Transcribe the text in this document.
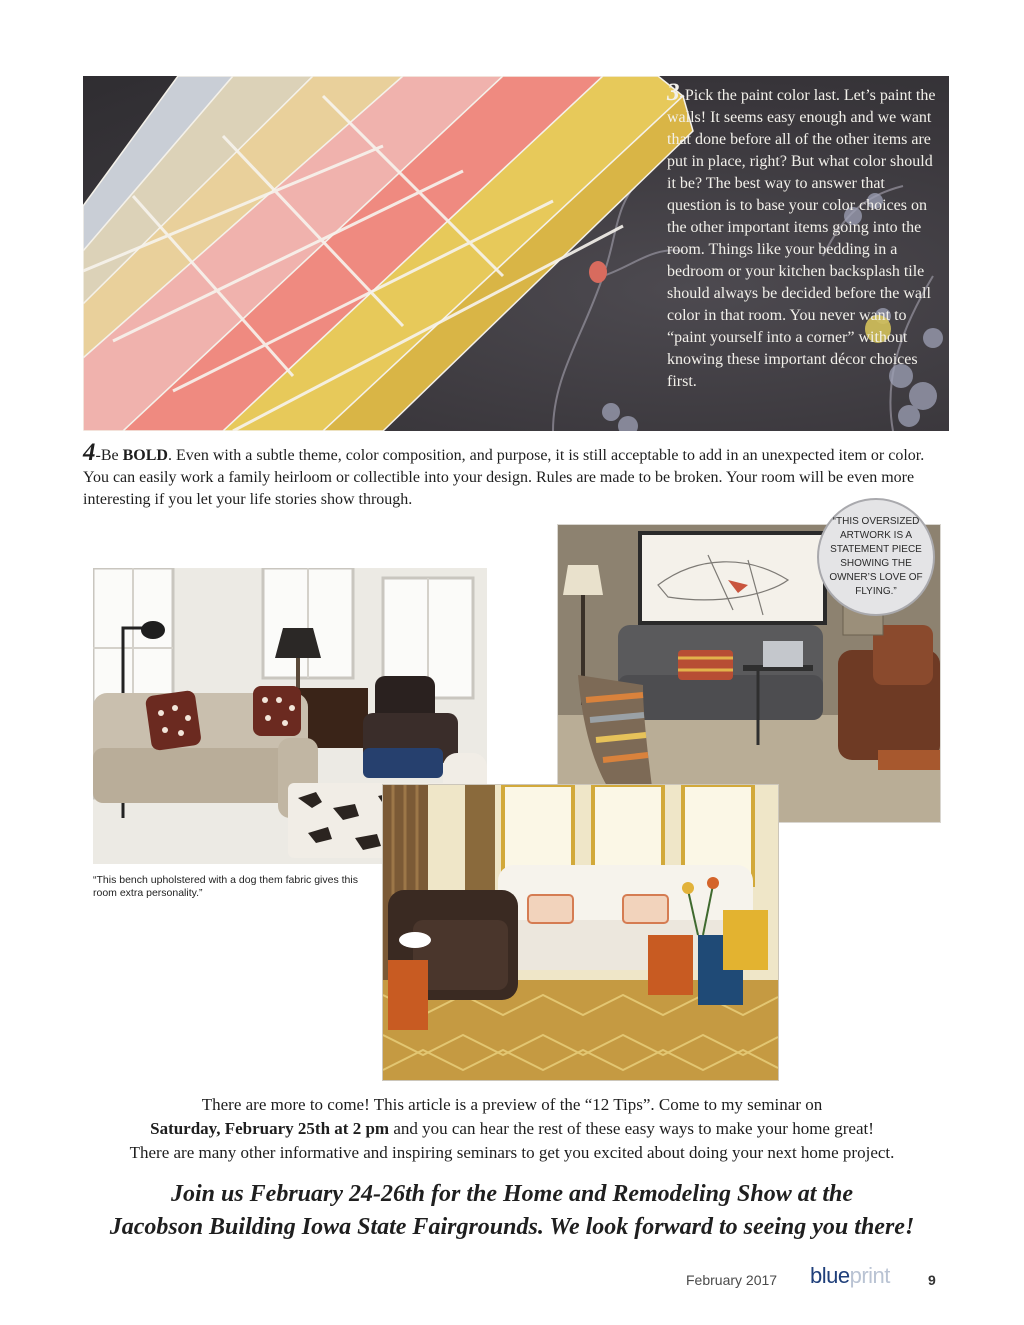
3-Pick the paint color last. Let’s paint the walls! It seems easy enough and we want that done before all of the other items are put in place, right? But what color should it be? The best way to answer that question is to base your color choices on the other important items going into the room. Things like your bedding in a bedroom or your kitchen backsplash tile should always be decided before the wall color in that room. You never want to “paint yourself into a corner” without knowing these important décor choices first.
4-Be BOLD. Even with a subtle theme, color composition, and purpose, it is still acceptable to add in an unexpected item or color. You can easily work a family heirloom or collectible into your design. Rules are made to be broken. Your room will be even more interesting if you let your life stories show through.
“THIS OVERSIZED ARTWORK IS A STATEMENT PIECE SHOWING THE OWNER’S LOVE OF FLYING.”
“This bench upholstered with a dog them fabric gives this room extra personality.”
There are more to come! This article is a preview of the “12 Tips”. Come to my seminar on
Saturday, February 25th at 2 pm and you can hear the rest of these easy ways to make your home great!
There are many other informative and inspiring seminars to get you excited about doing your next home project.
Join us February 24-26th for the Home and Remodeling Show at the
Jacobson Building Iowa State Fairgrounds. We look forward to seeing you there!
February 2017 blueprint	9
